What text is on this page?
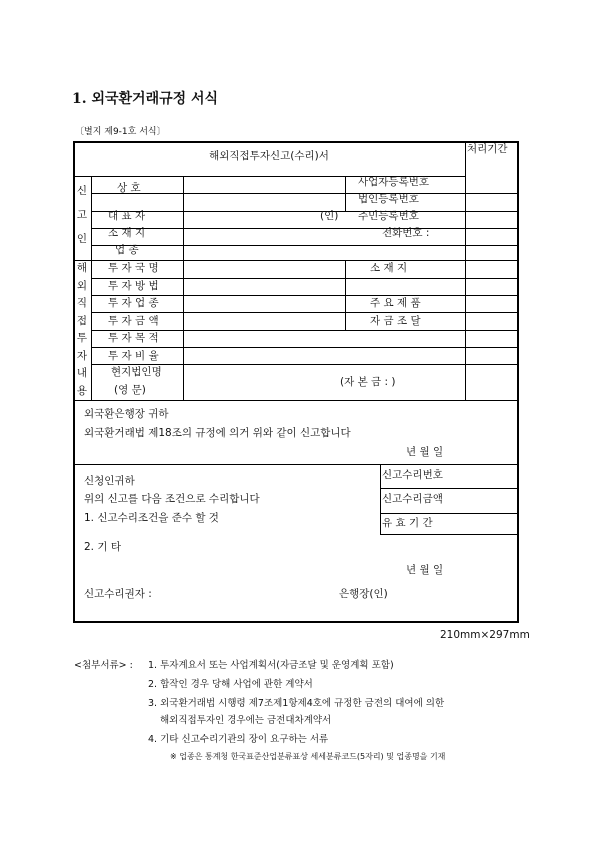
1. 외국환거래규정 서식
〔별지 제9-1호 서식〕
해외직접투자신고(수리)서
처리기간
신
고
인
상 호	사업자등록번호
법인등록번호
대 표 자	(인) 주민등록번호
소 재 지	전화번호 :
업 종
해
외
직
접
투
자
내
용
투 자 국 명	소 재 지
투 자 방 법
투 자 업 종	주 요 제 품
투 자 금 액	자 금 조 달
투 자 목 적
투 자 비 율
현지법인명
(영 문)
(자 본 금 : )
외국환은행장 귀하
외국환거래법 제18조의 규정에 의거 위와 같이 신고합니다
년 월 일
신청인귀하	신고수리번호
위의 신고를 다음 조건으로 수리합니다	신고수리금액
1. 신고수리조건을 준수 할 것	유 효 기 간
2. 기 타
년 월 일
신고수리권자 :	은행장(인)
210mm×297mm
<첨부서류> : 1. 투자계요서 또는 사업계획서(자금조달 및 운영계획 포함)
2. 합작인 경우 당해 사업에 관한 계약서
3. 외국환거래법 시행령 제7조제1항제4호에 규정한 금전의 대여에 의한
해외직접투자인 경우에는 금전대차계약서
4. 기타 신고수리기관의 장이 요구하는 서류
※ 업종은 통계청 한국표준산업분류표상 세세분류코드(5자리) 및 업종명을 기재
